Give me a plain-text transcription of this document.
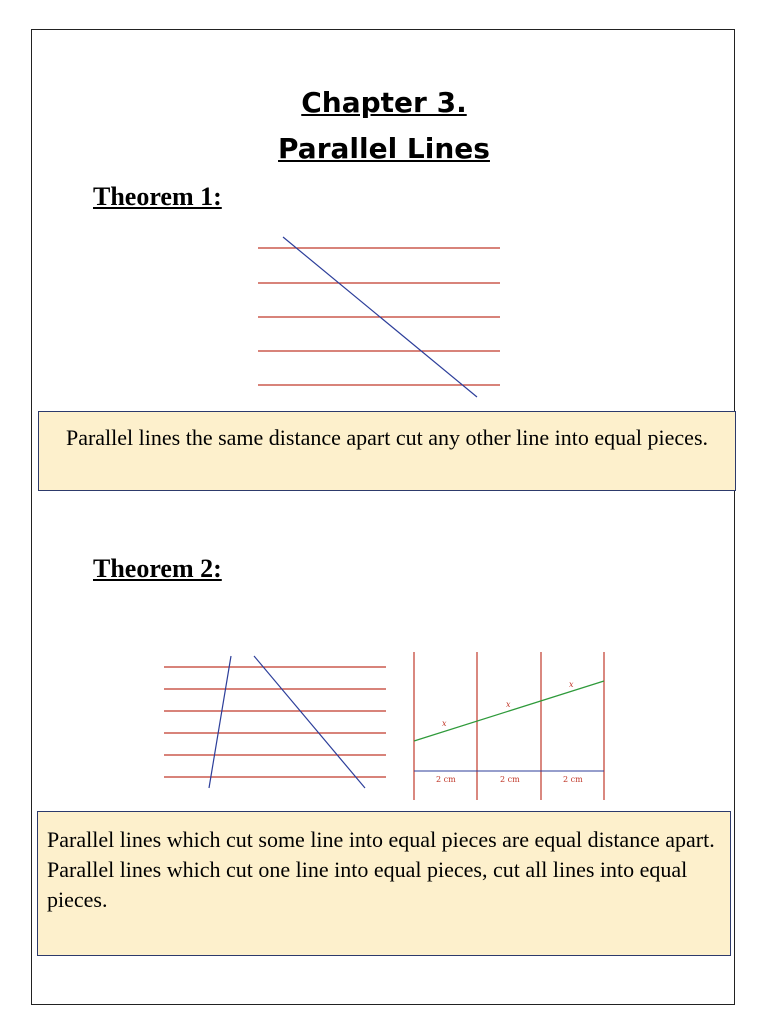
Chapter 3.
Parallel Lines
Theorem 1:
Parallel lines the same distance apart cut any other line into equal pieces.
Theorem 2:
x
x
x
2 cm	2 cm	2 cm

Parallel lines which cut some line into equal pieces are equal distance apart.

Parallel lines which cut one line into equal pieces, cut all lines into equal pieces.
